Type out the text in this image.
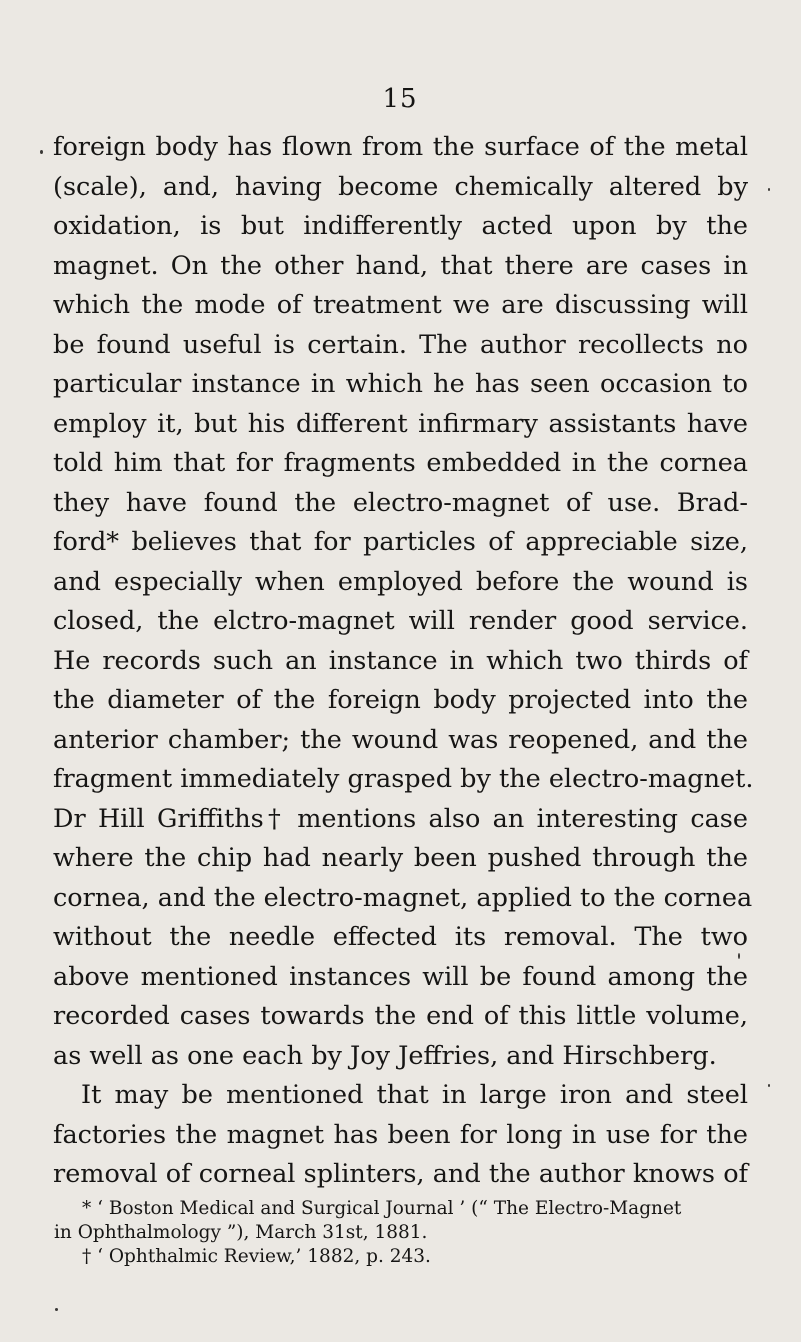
15
foreign body has flown from the surface of the metal
(scale), and, having become chemically altered by
oxidation, is but indifferently acted upon by the
magnet. On the other hand, that there are cases in
which the mode of treatment we are discussing will
be found useful is certain. The author recollects no
particular instance in which he has seen occasion to
employ it, but his different infirmary assistants have
told him that for fragments embedded in the cornea
they have found the electro-magnet of use. Brad-
ford* believes that for particles of appreciable size,
and especially when employed before the wound is
closed, the elctro-magnet will render good service.
He records such an instance in which two thirds of
the diameter of the foreign body projected into the
anterior chamber; the wound was reopened, and the
fragment immediately grasped by the electro-magnet.
Dr Hill Griffiths† mentions also an interesting case
where the chip had nearly been pushed through the
cornea, and the electro-magnet, applied to the cornea
without the needle effected its removal. The two
above mentioned instances will be found among the
recorded cases towards the end of this little volume,
as well as one each by Joy Jeffries, and Hirschberg.
It may be mentioned that in large iron and steel
factories the magnet has been for long in use for the
removal of corneal splinters, and the author knows of
* ‘ Boston Medical and Surgical Journal ’ (“ The Electro-Magnet
in Ophthalmology ”), March 31st, 1881.
† ‘ Ophthalmic Review,’ 1882, p. 243.
